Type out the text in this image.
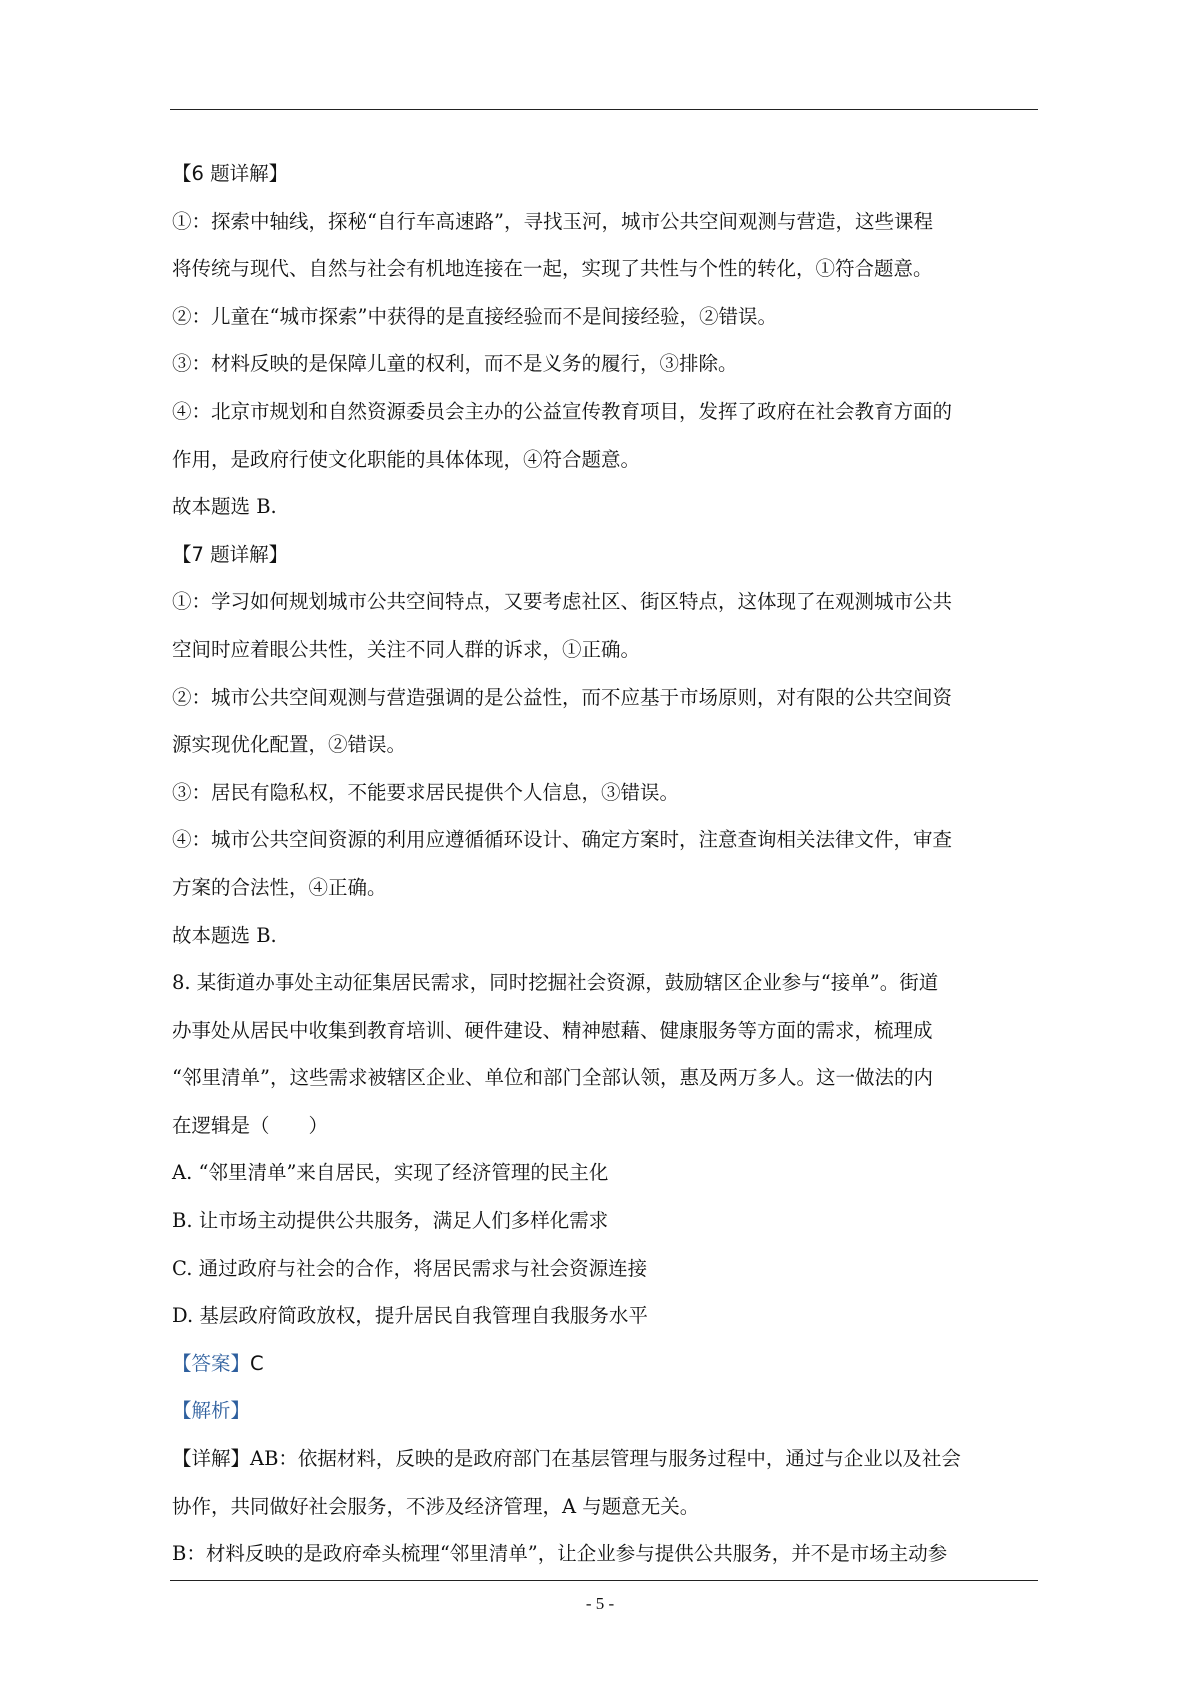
【6 题详解】
①：探索中轴线，探秘“自行车高速路”，寻找玉河，城市公共空间观测与营造，这些课程
将传统与现代、自然与社会有机地连接在一起，实现了共性与个性的转化，①符合题意。
②：儿童在“城市探索”中获得的是直接经验而不是间接经验，②错误。
③：材料反映的是保障儿童的权利，而不是义务的履行，③排除。
④：北京市规划和自然资源委员会主办的公益宣传教育项目，发挥了政府在社会教育方面的
作用，是政府行使文化职能的具体体现，④符合题意。
故本题选 B.
【7 题详解】
①：学习如何规划城市公共空间特点，又要考虑社区、街区特点，这体现了在观测城市公共
空间时应着眼公共性，关注不同人群的诉求，①正确。
②：城市公共空间观测与营造强调的是公益性，而不应基于市场原则，对有限的公共空间资
源实现优化配置，②错误。
③：居民有隐私权，不能要求居民提供个人信息，③错误。
④：城市公共空间资源的利用应遵循循环设计、确定方案时，注意查询相关法律文件，审查
方案的合法性，④正确。
故本题选 B.
8. 某街道办事处主动征集居民需求，同时挖掘社会资源，鼓励辖区企业参与“接单”。街道
办事处从居民中收集到教育培训、硬件建设、精神慰藉、健康服务等方面的需求，梳理成
“邻里清单”，这些需求被辖区企业、单位和部门全部认领，惠及两万多人。这一做法的内
在逻辑是（　　）
A. “邻里清单”来自居民，实现了经济管理的民主化
B. 让市场主动提供公共服务，满足人们多样化需求
C. 通过政府与社会的合作，将居民需求与社会资源连接
D. 基层政府简政放权，提升居民自我管理自我服务水平
【答案】C
【解析】
【详解】AB：依据材料，反映的是政府部门在基层管理与服务过程中，通过与企业以及社会
协作，共同做好社会服务，不涉及经济管理，A 与题意无关。
B：材料反映的是政府牵头梳理“邻里清单”，让企业参与提供公共服务，并不是市场主动参
- 5 -
